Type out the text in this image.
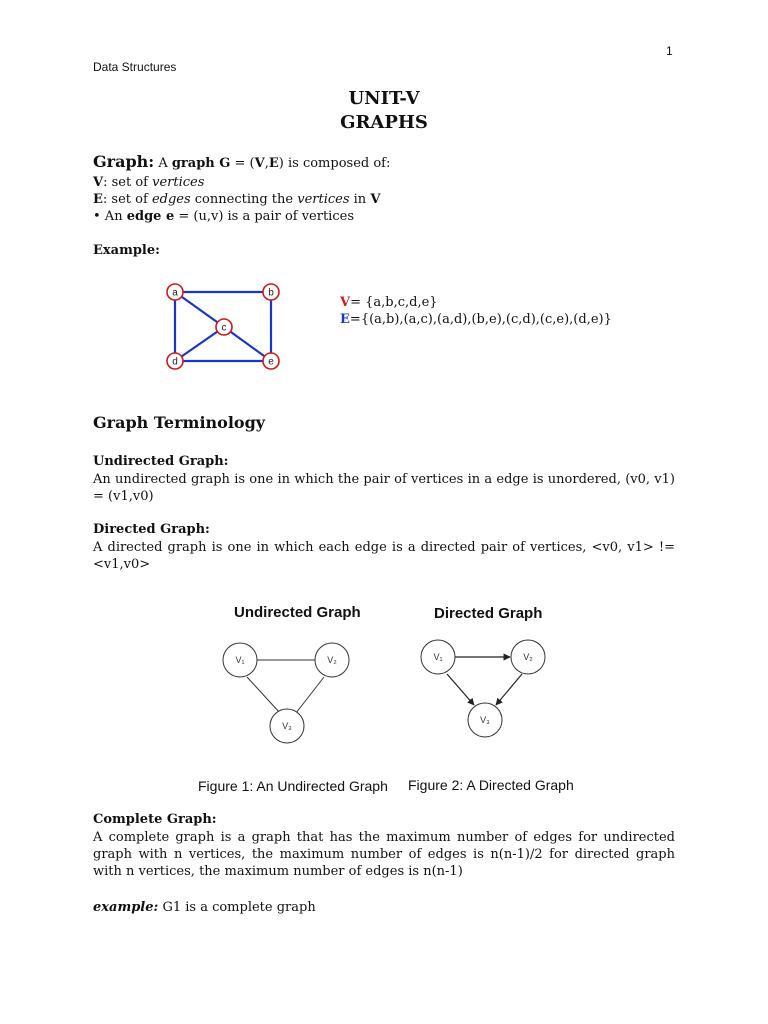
1
Data Structures
UNIT-V
GRAPHS
Graph: A graph G = (V,E) is composed of:
V: set of vertices
E: set of edges connecting the vertices in V
• An edge e = (u,v) is a pair of vertices
Example:
a	b
c
d	e
V= {a,b,c,d,e}
E={(a,b),(a,c),(a,d),(b,e),(c,d),(c,e),(d,e)}
Graph Terminology
Undirected Graph:
An undirected graph is one in which the pair of vertices in a edge is unordered, (v0, v1) = (v1,v0)
Directed Graph:
A directed graph is one in which each edge is a directed pair of vertices, <v0, v1> != <v1,v0>
Undirected Graph	Directed Graph
V₁	V₂
V₃
V₁	V₂
V₃
Figure 1: An Undirected Graph Figure 2: A Directed Graph
Complete Graph:
A complete graph is a graph that has the maximum number of edges for undirected graph with n vertices, the maximum number of edges is n(n-1)/2 for directed graph with n vertices, the maximum number of edges is n(n-1)
example: G1 is a complete graph
